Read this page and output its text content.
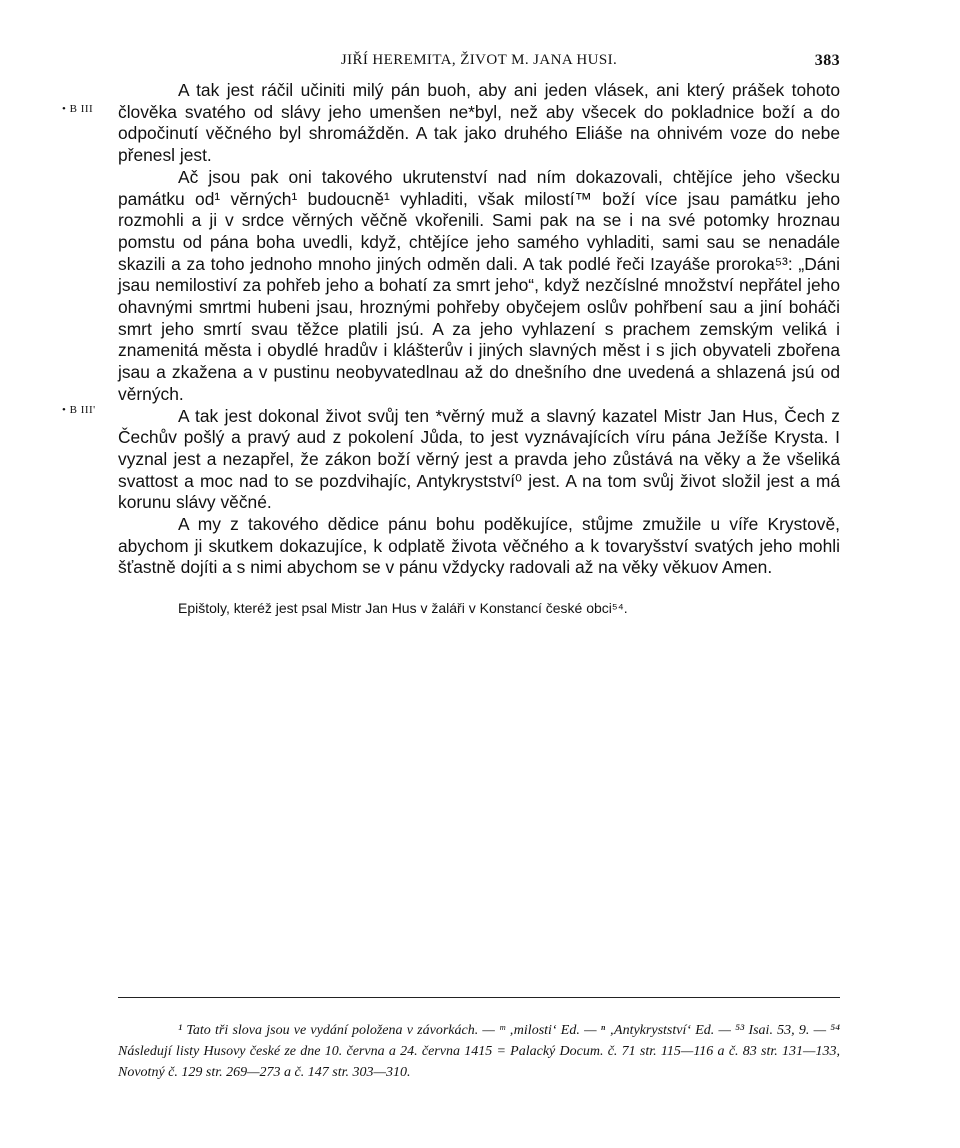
JIŘÍ HEREMITA, ŽIVOT M. JANA HUSI.	383
• B III
• B III'

A tak jest ráčil učiniti milý pán buoh, aby ani jeden vlásek, ani který prášek tohoto člověka svatého od slávy jeho umenšen ne*byl, než aby všecek do pokladnice boží a do odpočinutí věčného byl shromážděn. A tak jako druhého Eliáše na ohnivém voze do nebe přenesl jest.

Ač jsou pak oni takového ukrutenství nad ním dokazovali, chtějíce jeho všecku památku od¹ věrných¹ budoucně¹ vyhladiti, však milostí™ boží více jsau památku jeho rozmohli a ji v srdce věrných věčně vkořenili. Sami pak na se i na své potomky hroznau pomstu od pána boha uvedli, když, chtějíce jeho samého vyhladiti, sami sau se nenadále skazili a za toho jednoho mnoho jiných odměn dali. A tak podlé řeči Izayáše proroka⁵³: „Dáni jsau nemilostiví za pohřeb jeho a bohatí za smrt jeho“, když nezčíslné množství nepřátel jeho ohavnými smrtmi hubeni jsau, hroznými pohřeby obyčejem oslův pohřbení sau a jiní boháči smrt jeho smrtí svau těžce platili jsú. A za jeho vyhlazení s prachem zemským veliká i znamenitá města i obydlé hradův i klášterův i jiných slavných měst i s jich obyvateli zbořena jsau a zkažena a v pustinu neobyvatedlnau až do dnešního dne uvedená a shlazená jsú od věrných.

A tak jest dokonal život svůj ten *věrný muž a slavný kazatel Mistr Jan Hus, Čech z Čechův pošlý a pravý aud z pokolení Jůda, to jest vyznávajících víru pána Ježíše Krysta. I vyznal jest a nezapřel, že zákon boží věrný jest a pravda jeho zůstává na věky a že všeliká svattost a moc nad to se pozdvihajíc, Antykrystství⁰ jest. A na tom svůj život složil jest a má korunu slávy věčné.

A my z takového dědice pánu bohu poděkujíce, stůjme zmužile u víře Krystově, abychom ji skutkem dokazujíce, k odplatě života věčného a k tovaryšství svatých jeho mohli šťastně dojíti a s nimi abychom se v pánu vždycky radovali až na věky věkuov Amen.

Epištoly, kteréž jest psal Mistr Jan Hus v žaláři v Konstancí české obci⁵⁴.

¹ Tato tři slova jsou ve vydání položena v závorkách. — ᵐ ‚milosti‘ Ed. — ⁿ ‚Antykrystství‘ Ed. — ⁵³ Isai. 53, 9. — ⁵⁴ Následují listy Husovy české ze dne 10. června a 24. června 1415 = Palacký Docum. č. 71 str. 115—116 a č. 83 str. 131—133, Novotný č. 129 str. 269—273 a č. 147 str. 303—310.
